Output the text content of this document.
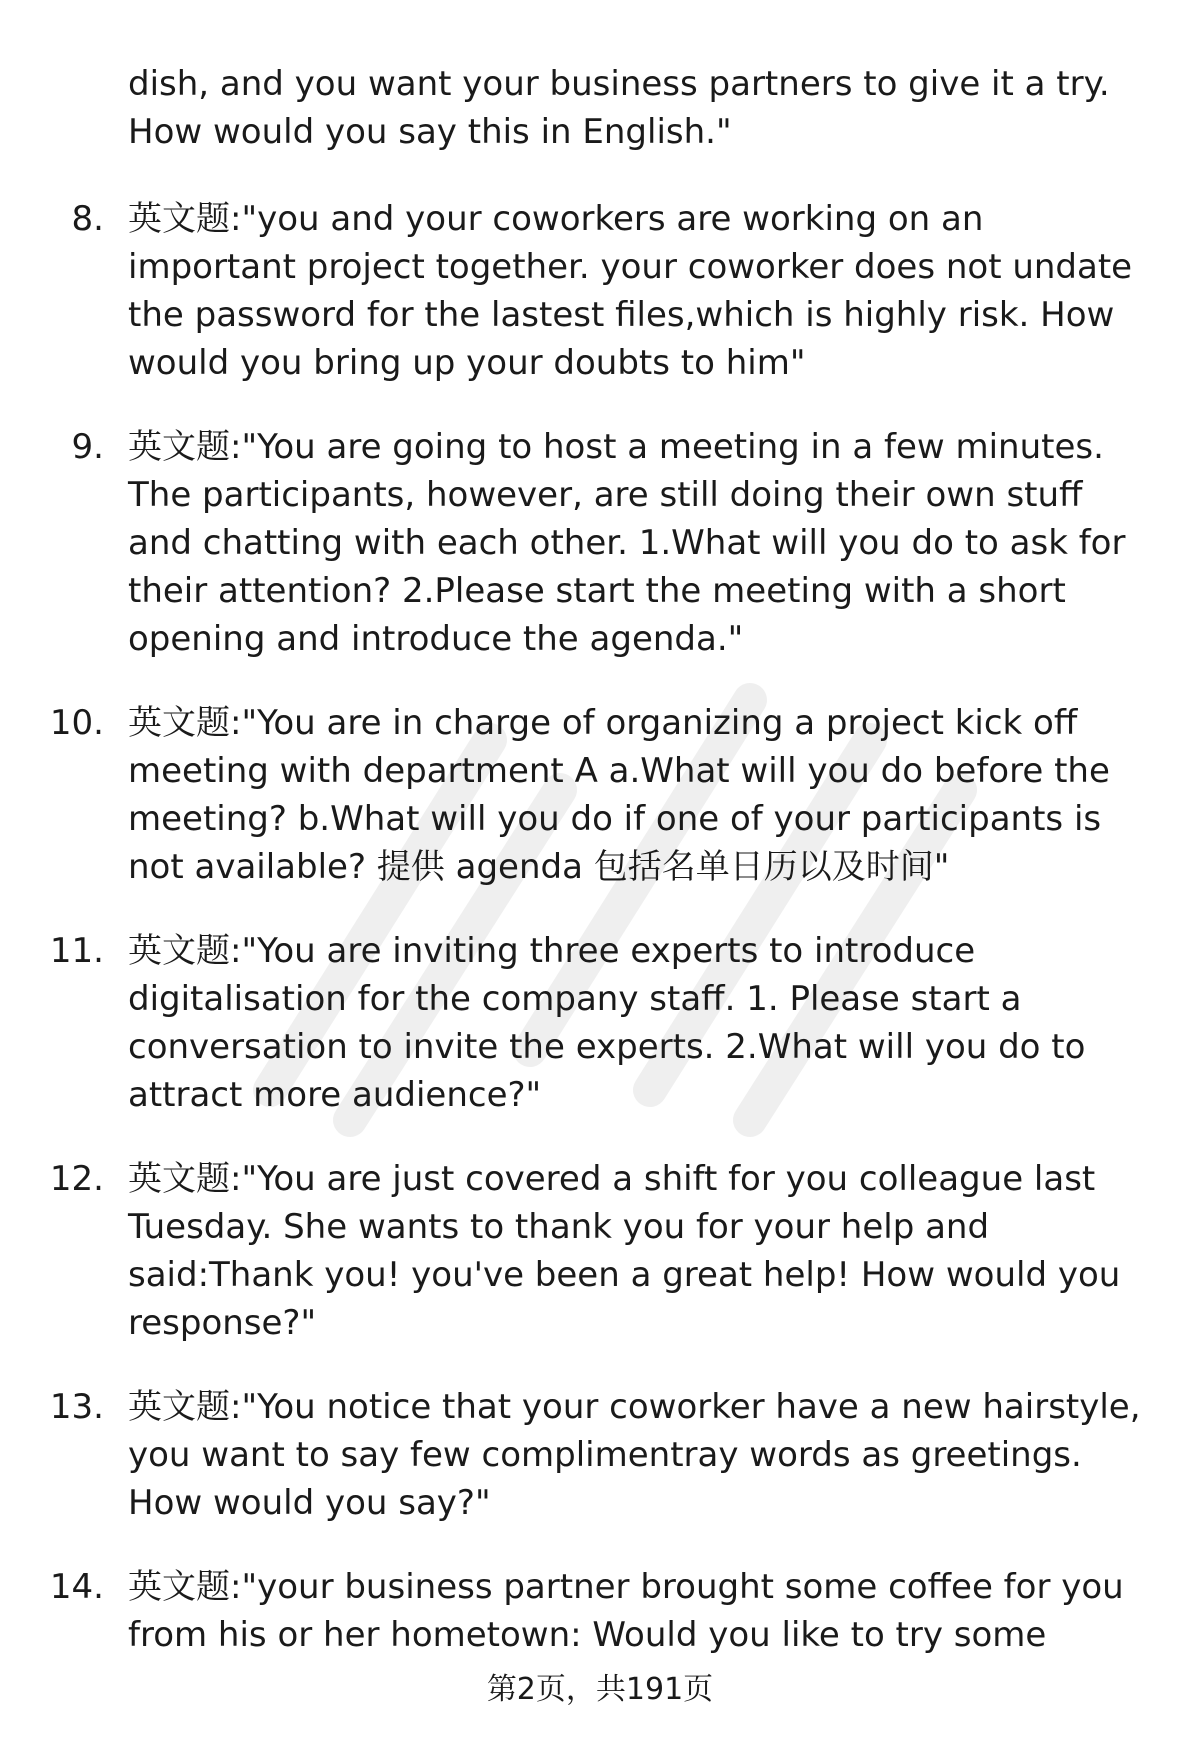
dish, and you want your business partners to give it a try. How would you say this in English."
8. 英文题:"you and your coworkers are working on an important project together. your coworker does not undate the password for the lastest files,which is highly risk. How would you bring up your doubts to him"
9. 英文题:"You are going to host a meeting in a few minutes. The participants, however, are still doing their own stuff and chatting with each other. 1.What will you do to ask for their attention? 2.Please start the meeting with a short opening and introduce the agenda."
10. 英文题:"You are in charge of organizing a project kick off meeting with department A a.What will you do before the meeting? b.What will you do if one of your participants is not available? 提供 agenda 包括名单日历以及时间"
11. 英文题:"You are inviting three experts to introduce digitalisation for the company staff. 1. Please start a conversation to invite the experts. 2.What will you do to attract more audience?"
12. 英文题:"You are just covered a shift for you colleague last Tuesday. She wants to thank you for your help and said:Thank you! you've been a great help! How would you response?"
13. 英文题:"You notice that your coworker have a new hairstyle, you want to say few complimentray words as greetings. How would you say?"
14. 英文题:"your business partner brought some coffee for you from his or her hometown: Would you like to try some
第2页，共191页
